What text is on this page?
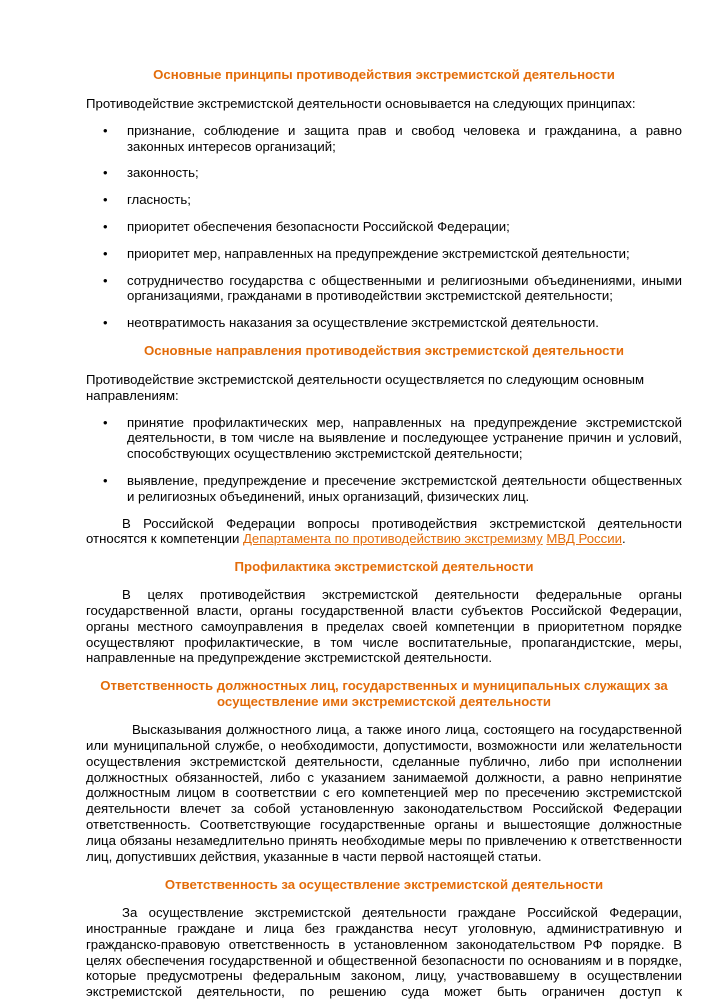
Основные принципы противодействия экстремистской деятельности

Противодействие экстремистской деятельности основывается на следующих принципах:

• признание, соблюдение и защита прав и свобод человека и гражданина, а равно законных интересов организаций;
• законность;
• гласность;
• приоритет обеспечения безопасности Российской Федерации;
• приоритет мер, направленных на предупреждение экстремистской деятельности;
• сотрудничество государства с общественными и религиозными объединениями, иными организациями, гражданами в противодействии экстремистской деятельности;
• неотвратимость наказания за осуществление экстремистской деятельности.
Основные направления противодействия экстремистской деятельности

Противодействие экстремистской деятельности осуществляется по следующим основным направлениям:

• принятие профилактических мер, направленных на предупреждение экстремистской деятельности, в том числе на выявление и последующее устранение причин и условий, способствующих осуществлению экстремистской деятельности;
• выявление, предупреждение и пресечение экстремистской деятельности общественных и религиозных объединений, иных организаций, физических лиц.

В Российской Федерации вопросы противодействия экстремистской деятельности относятся к компетенции Департамента по противодействию экстремизму МВД России.

Профилактика экстремистской деятельности

В целях противодействия экстремистской деятельности федеральные органы государственной власти, органы государственной власти субъектов Российской Федерации, органы местного самоуправления в пределах своей компетенции в приоритетном порядке осуществляют профилактические, в том числе воспитательные, пропагандистские, меры, направленные на предупреждение экстремистской деятельности.

Ответственность должностных лиц, государственных и муниципальных служащих за
осуществление ими экстремистской деятельности

Высказывания должностного лица, а также иного лица, состоящего на государственной или муниципальной службе, о необходимости, допустимости, возможности или желательности осуществления экстремистской деятельности, сделанные публично, либо при исполнении должностных обязанностей, либо с указанием занимаемой должности, а равно непринятие должностным лицом в соответствии с его компетенцией мер по пресечению экстремистской деятельности влечет за собой установленную законодательством Российской Федерации ответственность. Соответствующие государственные органы и вышестоящие должностные лица обязаны незамедлительно принять необходимые меры по привлечению к ответственности лиц, допустивших действия, указанные в части первой настоящей статьи.

Ответственность за осуществление экстремистской деятельности

За осуществление экстремистской деятельности граждане Российской Федерации, иностранные граждане и лица без гражданства несут уголовную, административную и гражданско-правовую ответственность в установленном законодательством РФ порядке. В целях обеспечения государственной и общественной безопасности по основаниям и в порядке, которые предусмотрены федеральным законом, лицу, участвовавшему в осуществлении экстремистской деятельности, по решению суда может быть ограничен доступ к
